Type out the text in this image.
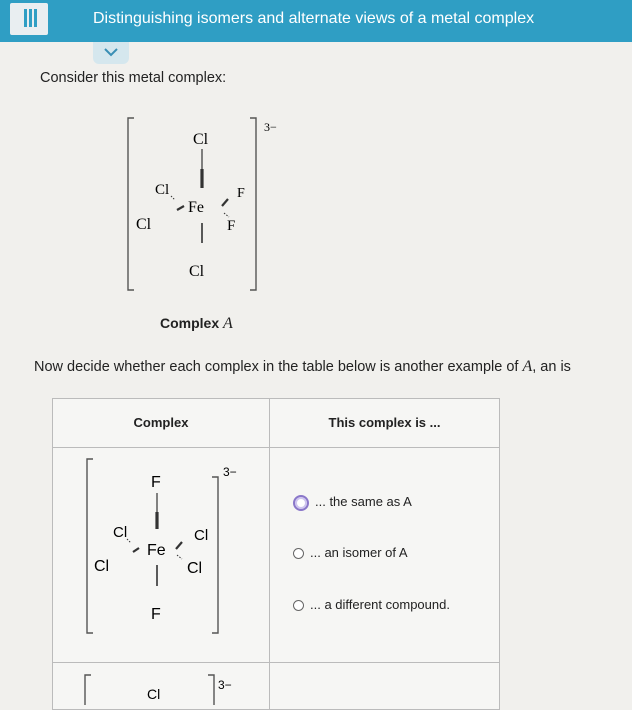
Distinguishing isomers and alternate views of a metal complex
Consider this metal complex:
Cl
Cl
Cl
Fe
F
F
Cl
3−
Complex A
Now decide whether each complex in the table below is another example of A, an is
Complex	This complex is ...
F
Cl
Cl
Fe
Cl
Cl
F
3−
... the same as A
... an isomer of A
... a different compound.
Cl
3−
